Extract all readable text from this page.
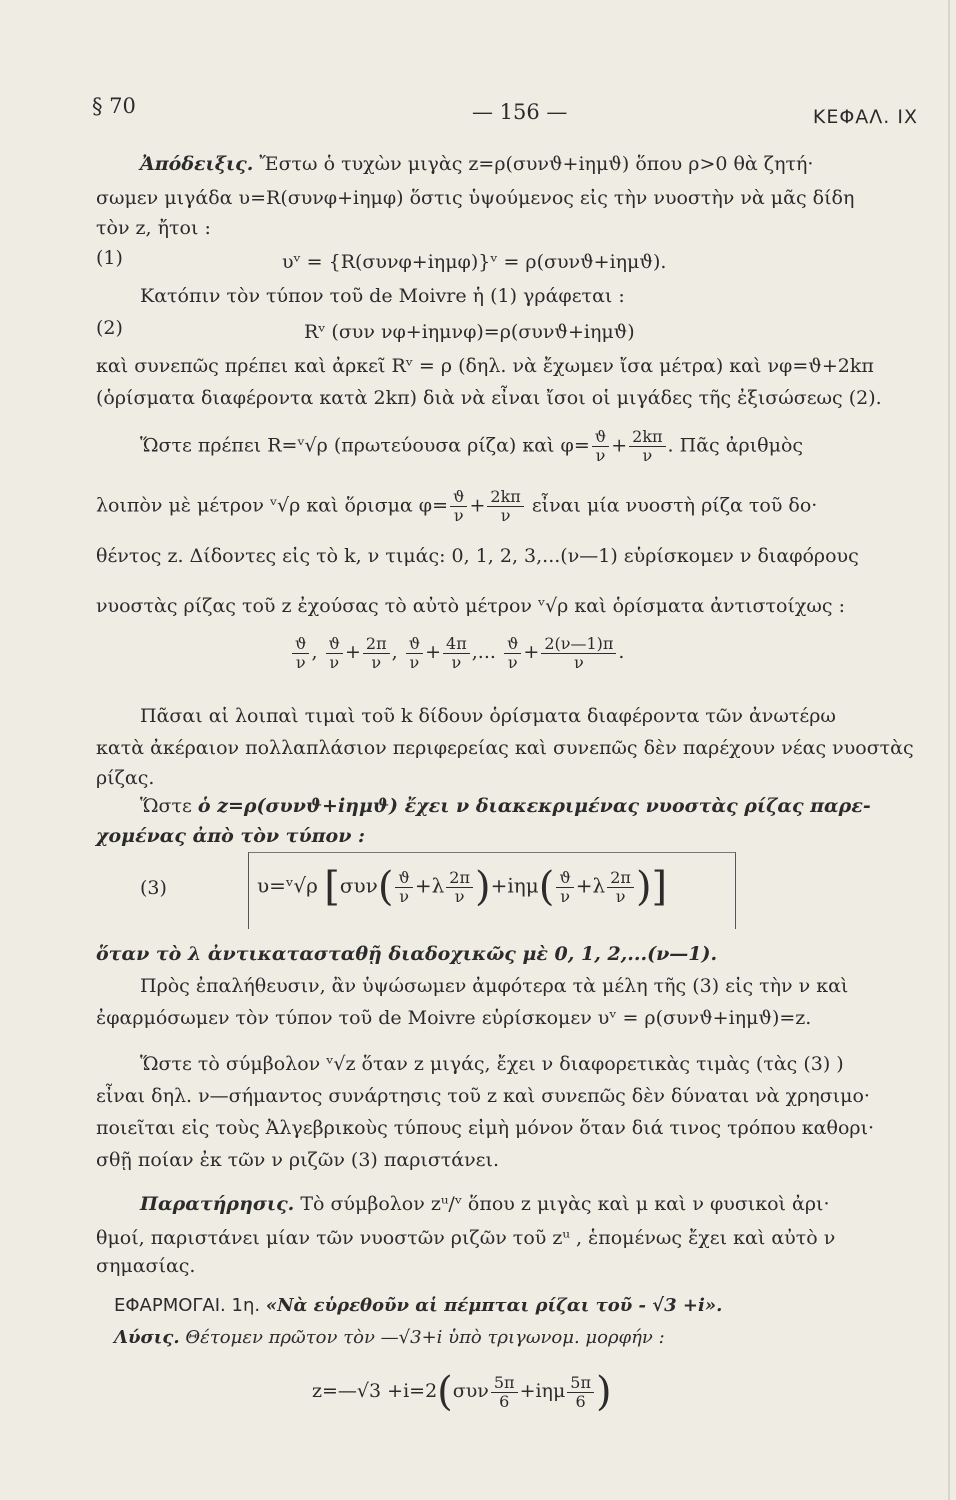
§ 70	— 156 —	ΚΕΦΑΛ. ΙΧ
Ἀπόδειξις. Ἔστω ὁ τυχὼν μιγὰς z=ρ(συνϑ+iημϑ) ὅπου ρ>0 θὰ ζητή·
σωμεν μιγάδα υ=R(συνφ+iημφ) ὅστις ὑψούμενος εἰς τὴν νυοστὴν νὰ μᾶς δίδη
τὸν z, ἤτοι :
(1)	υᵛ = {R(συνφ+iημφ)}ᵛ = ρ(συνϑ+iημϑ).
Κατόπιν τὸν τύπον τοῦ de Moivre ἡ (1) γράφεται :
(2)	Rᵛ (συν νφ+iημνφ)=ρ(συνϑ+iημϑ)
καὶ συνεπῶς πρέπει καὶ ἀρκεῖ Rᵛ = ρ (δηλ. νὰ ἔχωμεν ἴσα μέτρα) καὶ νφ=ϑ+2kπ
(ὁρίσματα διαφέροντα κατὰ 2kπ) διὰ νὰ εἶναι ἴσοι οἱ μιγάδες τῆς ἐξισώσεως (2).
Ὥστε πρέπει R=ᵛ√ρ (πρωτεύουσα ρίζα) καὶ $\varphi= \frac{ϑ}{\nu} + \frac{2k\pi}{\nu}$ . Πᾶς ἀριθμὸς
λοιπὸν μὲ μέτρον ᵛ√ρ καὶ ὅρισμα $\varphi= \frac{ϑ}{\nu} + \frac{2k\pi}{\nu}$ εἶναι μία νυοστὴ ρίζα τοῦ δο·
θέντος z. Δίδοντες εἰς τὸ k, ν τιμάς: 0, 1, 2, 3,...(ν—1) εὑρίσκομεν ν διαφόρους
νυοστὰς ρίζας τοῦ z ἐχούσας τὸ αὐτὸ μέτρον ᵛ√ρ καὶ ὁρίσματα ἀντιστοίχως :
$\frac{ϑ}{\nu}$ , $\frac{ϑ}{\nu} + \frac{2\pi}{\nu}$ , $\frac{ϑ}{\nu} + \frac{4\pi}{\nu}$ ,... $\frac{ϑ}{\nu} + \frac{2(\nu—1)\pi}{\nu}$ .
Πᾶσαι αἱ λοιπαὶ τιμαὶ τοῦ k δίδουν ὁρίσματα διαφέροντα τῶν ἀνωτέρω
κατὰ ἀκέραιον πολλαπλάσιον περιφερείας καὶ συνεπῶς δὲν παρέχουν νέας νυοστὰς
ρίζας.
Ὥστε ὁ z=ρ(συνϑ+iημϑ) ἔχει ν διακεκριμένας νυοστὰς ρίζας παρε-
χομένας ἀπὸ τὸν τύπον :
(3)	υ=ᵛ√ρ [$\sigma\upsilon\nu( \frac{ϑ}{\nu} +\lambda \frac{2\pi}{\nu} )+i\eta\mu( \frac{ϑ}{\nu} +\lambda \frac{2\pi}{\nu}$ )]
ὅταν τὸ λ ἀντικατασταθῇ διαδοχικῶς μὲ 0, 1, 2,...(ν—1).
Πρὸς ἐπαλήθευσιν, ἂν ὑψώσωμεν ἀμφότερα τὰ μέλη τῆς (3) εἰς τὴν ν καὶ
ἐφαρμόσωμεν τὸν τύπον τοῦ de Moivre εὑρίσκομεν υᵛ = ρ(συνϑ+iημϑ)=z.
Ὥστε τὸ σύμβολον ᵛ√z ὅταν z μιγάς, ἔχει ν διαφορετικὰς τιμὰς (τὰς (3) )
εἶναι δηλ. ν—σήμαντος συνάρτησις τοῦ z καὶ συνεπῶς δὲν δύναται νὰ χρησιμο·
ποιεῖται εἰς τοὺς Ἀλγεβρικοὺς τύπους εἰμὴ μόνον ὅταν διά τινος τρόπου καθορι·
σθῇ ποίαν ἐκ τῶν ν ριζῶν (3) παριστάνει.
Παρατήρησις. Τὸ σύμβολον zᵘ/ᵛ ὅπου z μιγὰς καὶ μ καὶ ν φυσικοὶ ἀρι·
θμοί, παριστάνει μίαν τῶν νυοστῶν ριζῶν τοῦ zᵘ , ἑπομένως ἔχει καὶ αὐτὸ ν
σημασίας.
ΕΦΑΡΜΟΓΑΙ. 1η. «Νὰ εὑρεθοῦν αἱ πέμπται ρίζαι τοῦ - √3 +i».
Λύσις. Θέτομεν πρῶτον τὸν —√3+i ὑπὸ τριγωνομ. μορφήν :
z=—√3 $+i=2(\sigma\upsilon\nu \frac{5\pi}{6} +i\eta\mu \frac{5\pi}{6}$ )
